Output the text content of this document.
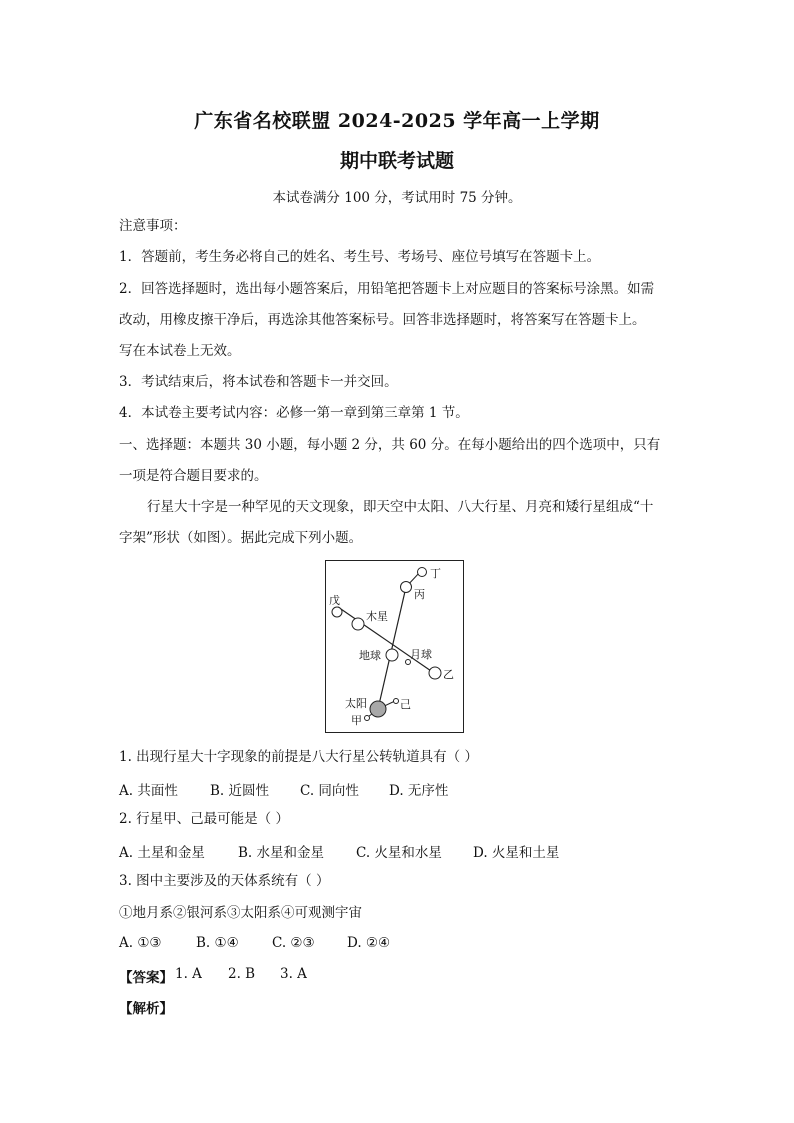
广东省名校联盟 2024-2025 学年高一上学期
期中联考试题
本试卷满分 100 分，考试用时 75 分钟。
注意事项：
1．答题前，考生务必将自己的姓名、考生号、考场号、座位号填写在答题卡上。
2．回答选择题时，选出每小题答案后，用铅笔把答题卡上对应题目的答案标号涂黑。如需
改动，用橡皮擦干净后，再选涂其他答案标号。回答非选择题时，将答案写在答题卡上。
写在本试卷上无效。
3．考试结束后，将本试卷和答题卡一并交回。
4．本试卷主要考试内容：必修一第一章到第三章第 1 节。
一、选择题：本题共 30 小题，每小题 2 分，共 60 分。在每小题给出的四个选项中，只有
一项是符合题目要求的。
行星大十字是一种罕见的天文现象，即天空中太阳、八大行星、月亮和矮行星组成“十
字架”形状（如图）。据此完成下列小题。
丁
丙
戊
木星
地球	月球
乙
太阳	己
甲
1. 出现行星大十字现象的前提是八大行星公转轨道具有（ ）
A. 共面性 B. 近圆性 C. 同向性 D. 无序性
2. 行星甲、己最可能是（ ）
A. 土星和金星 B. 水星和金星 C. 火星和水星 D. 火星和土星
3. 图中主要涉及的天体系统有（ ）
①地月系②银河系③太阳系④可观测宇宙
A. ①③	B. ①④ C. ②③ D. ②④
【答案】 1. A 2. B 3. A
【解析】
